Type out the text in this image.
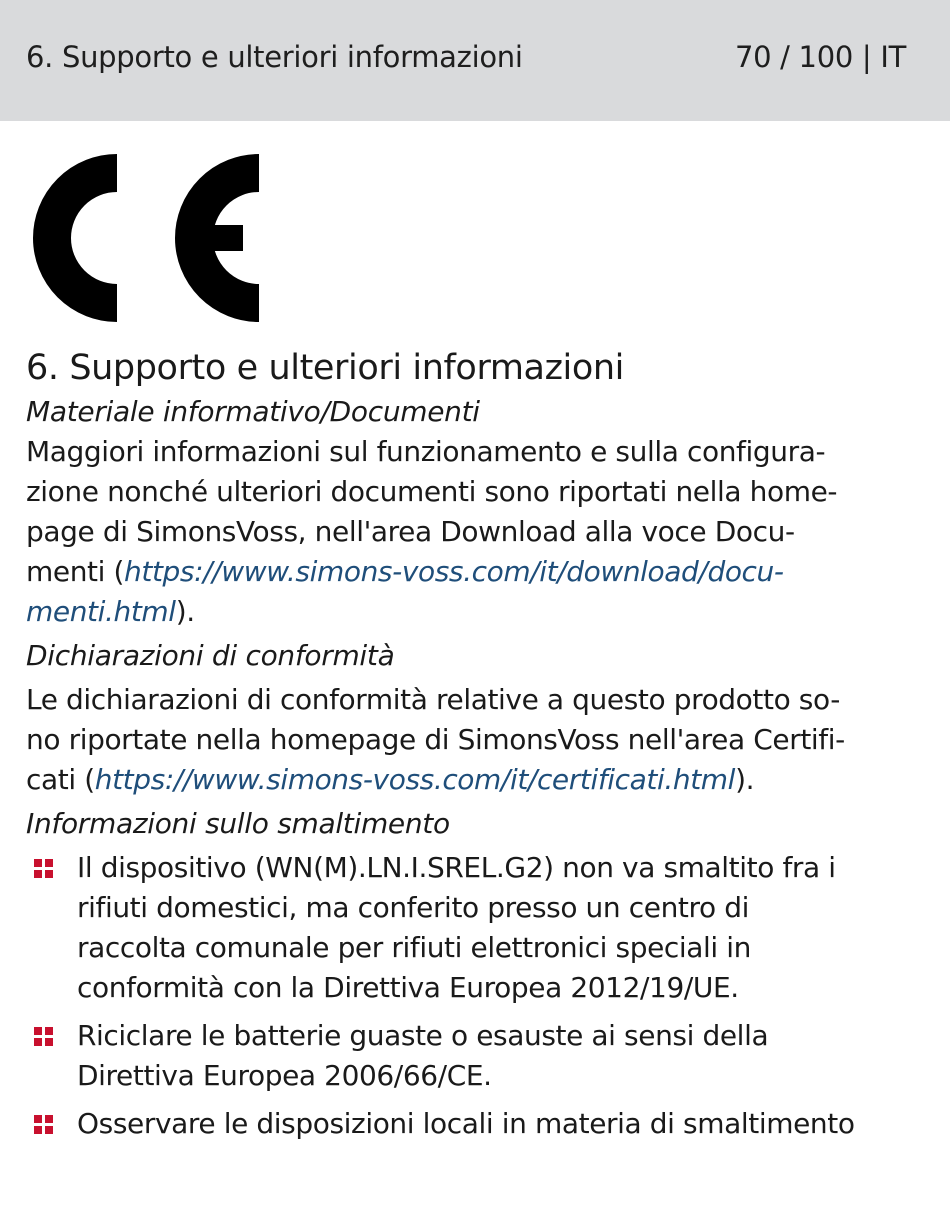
6. Supporto e ulteriori informazioni	70 / 100 | IT
6. Supporto e ulteriori informazioni
Materiale informativo/Documenti
Maggiori informazioni sul funzionamento e sulla configura-
zione nonché ulteriori documenti sono riportati nella home-
page di SimonsVoss, nell'area Download alla voce Docu-
menti (https://www.simons-voss.com/it/download/docu-
menti.html).
Dichiarazioni di conformità
Le dichiarazioni di conformità relative a questo prodotto so-
no riportate nella homepage di SimonsVoss nell'area Certifi-
cati (https://www.simons-voss.com/it/certificati.html).
Informazioni sullo smaltimento
Il dispositivo (WN(M).LN.I.SREL.G2) non va smaltito fra i
rifiuti domestici, ma conferito presso un centro di
raccolta comunale per rifiuti elettronici speciali in
conformità con la Direttiva Europea 2012/19/UE.
Riciclare le batterie guaste o esauste ai sensi della
Direttiva Europea 2006/66/CE.
Osservare le disposizioni locali in materia di smaltimento
